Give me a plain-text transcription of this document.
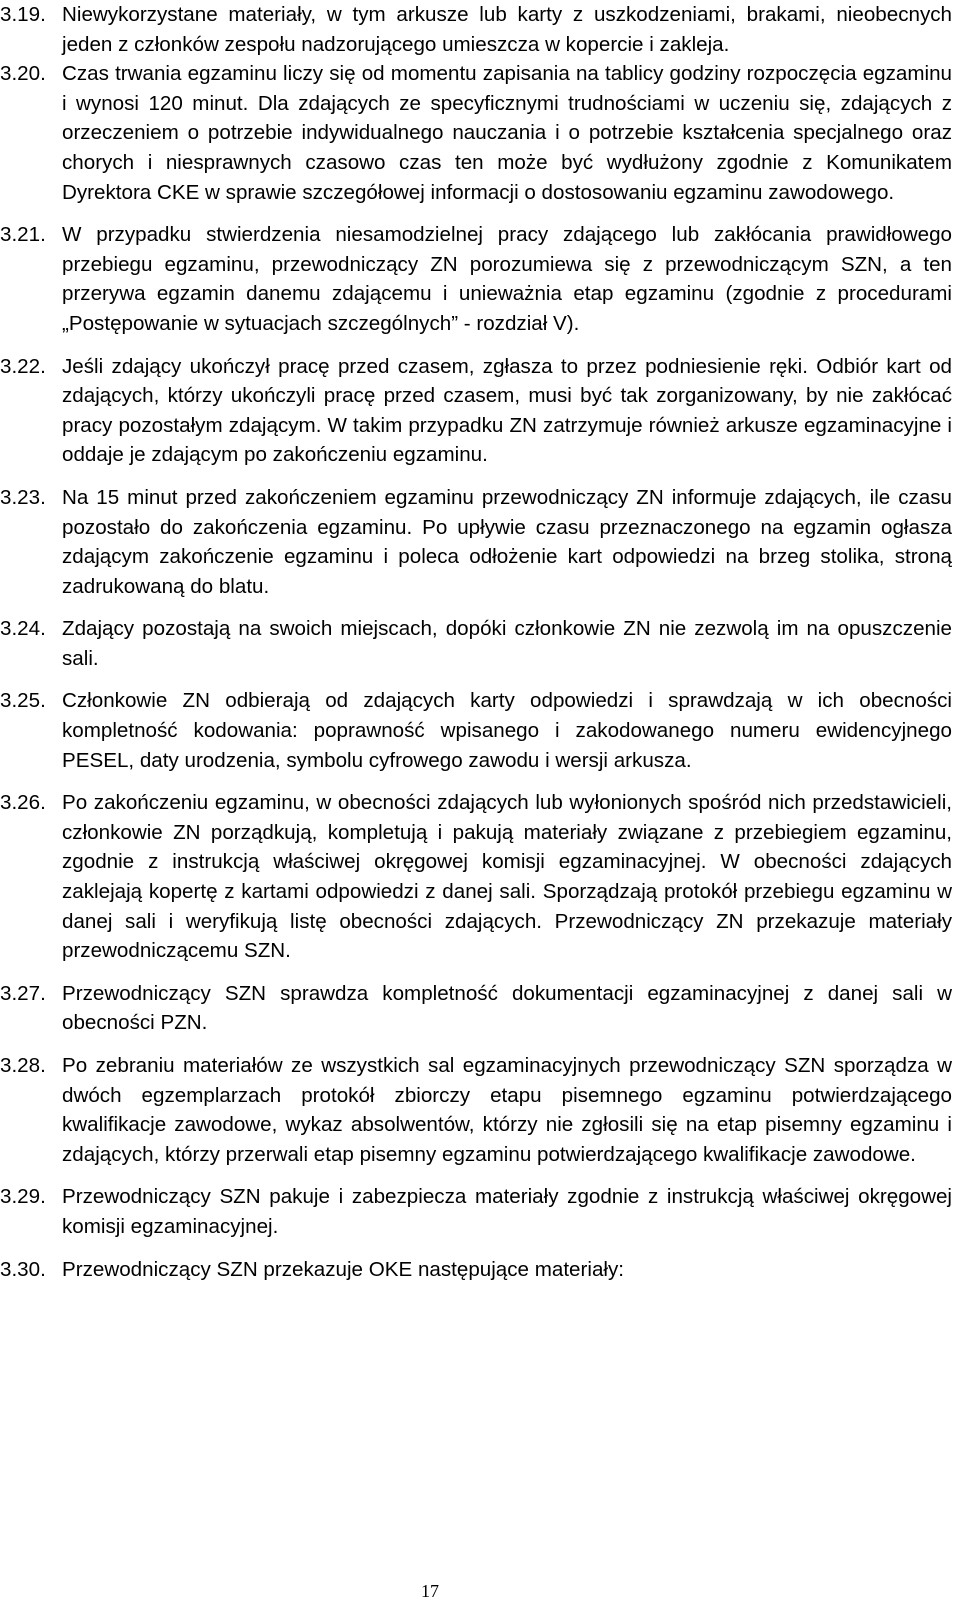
3.19. Niewykorzystane materiały, w tym arkusze lub karty z uszkodzeniami, brakami, nieobecnych jeden z członków zespołu nadzorującego umieszcza w kopercie i zakleja.
3.20. Czas trwania egzaminu liczy się od momentu zapisania na tablicy godziny rozpoczęcia egzaminu i wynosi 120 minut. Dla zdających ze specyficznymi trudnościami w uczeniu się, zdających z orzeczeniem o potrzebie indywidualnego nauczania i o potrzebie kształcenia specjalnego oraz chorych i niesprawnych czasowo czas ten może być wydłużony zgodnie z Komunikatem Dyrektora CKE w sprawie szczegółowej informacji o dostosowaniu egzaminu zawodowego.
3.21. W przypadku stwierdzenia niesamodzielnej pracy zdającego lub zakłócania prawidłowego przebiegu egzaminu, przewodniczący ZN porozumiewa się z przewodniczącym SZN, a ten przerywa egzamin danemu zdającemu i unieważnia etap egzaminu (zgodnie z procedurami „Postępowanie w sytuacjach szczególnych” - rozdział V).
3.22. Jeśli zdający ukończył pracę przed czasem, zgłasza to przez podniesienie ręki. Odbiór kart od zdających, którzy ukończyli pracę przed czasem, musi być tak zorganizowany, by nie zakłócać pracy pozostałym zdającym. W takim przypadku ZN zatrzymuje również arkusze egzaminacyjne i oddaje je zdającym po zakończeniu egzaminu.
3.23. Na 15 minut przed zakończeniem egzaminu przewodniczący ZN informuje zdających, ile czasu pozostało do zakończenia egzaminu. Po upływie czasu przeznaczonego na egzamin ogłasza zdającym zakończenie egzaminu i poleca odłożenie kart odpowiedzi na brzeg stolika, stroną zadrukowaną do blatu.
3.24. Zdający pozostają na swoich miejscach, dopóki członkowie ZN nie zezwolą im na opuszczenie sali.
3.25. Członkowie ZN odbierają od zdających karty odpowiedzi i sprawdzają w ich obecności kompletność kodowania: poprawność wpisanego i zakodowanego numeru ewidencyjnego PESEL, daty urodzenia, symbolu cyfrowego zawodu i wersji arkusza.
3.26. Po zakończeniu egzaminu, w obecności zdających lub wyłonionych spośród nich przedstawicieli, członkowie ZN porządkują, kompletują i pakują materiały związane z przebiegiem egzaminu, zgodnie z instrukcją właściwej okręgowej komisji egzaminacyjnej. W obecności zdających zaklejają kopertę z kartami odpowiedzi z danej sali. Sporządzają protokół przebiegu egzaminu w danej sali i weryfikują listę obecności zdających. Przewodniczący ZN przekazuje materiały przewodniczącemu SZN.
3.27. Przewodniczący SZN sprawdza kompletność dokumentacji egzaminacyjnej z danej sali w obecności PZN.
3.28. Po zebraniu materiałów ze wszystkich sal egzaminacyjnych przewodniczący SZN sporządza w dwóch egzemplarzach protokół zbiorczy etapu pisemnego egzaminu potwierdzającego kwalifikacje zawodowe, wykaz absolwentów, którzy nie zgłosili się na etap pisemny egzaminu i zdających, którzy przerwali etap pisemny egzaminu potwierdzającego kwalifikacje zawodowe.
3.29. Przewodniczący SZN pakuje i zabezpiecza materiały zgodnie z instrukcją właściwej okręgowej komisji egzaminacyjnej.
3.30. Przewodniczący SZN przekazuje OKE następujące materiały:
17
